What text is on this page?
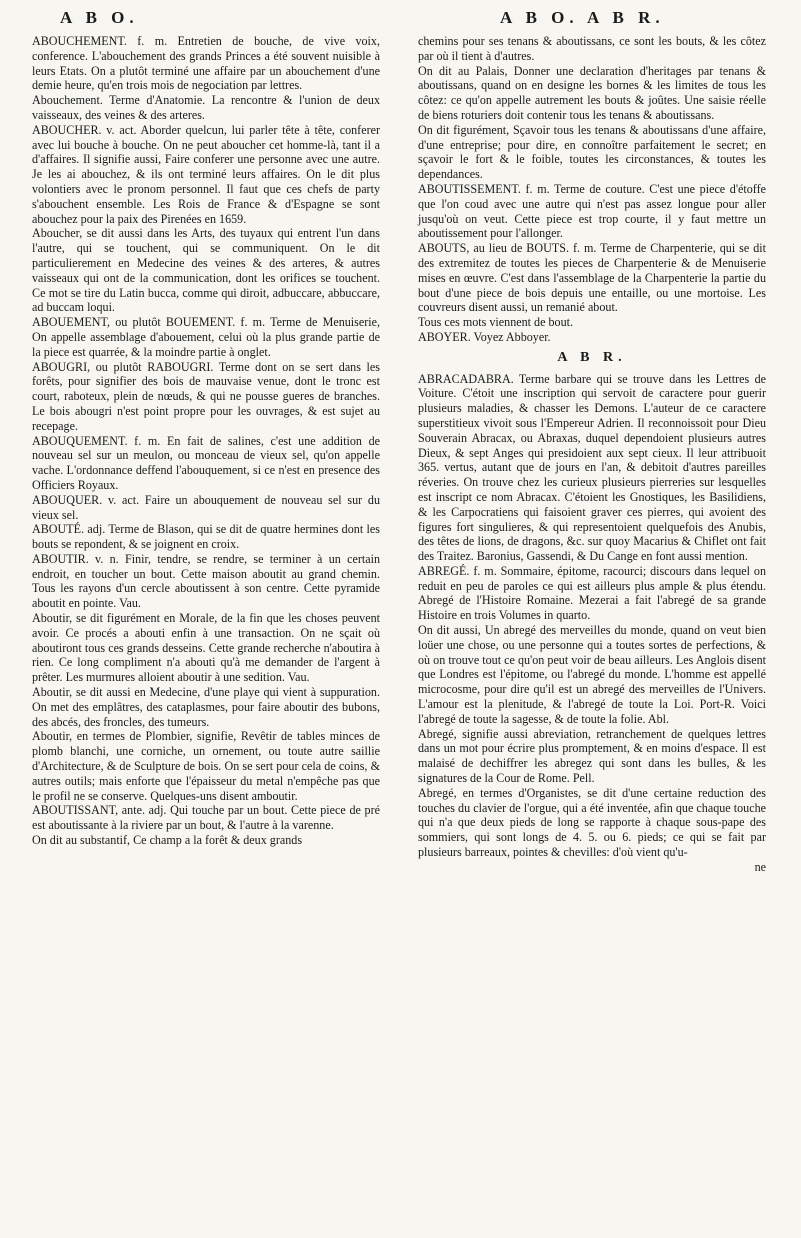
A B O.	A B O. A B R.

ABOUCHEMENT. f. m. Entretien de bouche, de vive voix, conference. L'abouchement des grands Princes a été souvent nuisible à leurs Etats. On a plutôt terminé une affaire par un abouchement d'une demie heure, qu'en trois mois de negociation par lettres.

Abouchement. Terme d'Anatomie. La rencontre & l'union de deux vaisseaux, des veines & des arteres.

ABOUCHER. v. act. Aborder quelcun, lui parler tête à tête, conferer avec lui bouche à bouche. On ne peut aboucher cet homme-là, tant il a d'affaires. Il signifie aussi, Faire conferer une personne avec une autre. Je les ai abouchez, & ils ont terminé leurs affaires. On le dit plus volontiers avec le pronom personnel. Il faut que ces chefs de party s'abouchent ensemble. Les Rois de France & d'Espagne se sont abouchez pour la paix des Pirenées en 1659.

Aboucher, se dit aussi dans les Arts, des tuyaux qui entrent l'un dans l'autre, qui se touchent, qui se communiquent. On le dit particulierement en Medecine des veines & des arteres, & autres vaisseaux qui ont de la communication, dont les orifices se touchent. Ce mot se tire du Latin bucca, comme qui diroit, adbuccare, abbuccare, ad buccam loqui.

ABOUEMENT, ou plutôt BOUEMENT. f. m. Terme de Menuiserie, On appelle assemblage d'abouement, celui où la plus grande partie de la piece est quarrée, & la moindre partie à onglet.

ABOUGRI, ou plutôt RABOUGRI. Terme dont on se sert dans les forêts, pour signifier des bois de mauvaise venue, dont le tronc est court, raboteux, plein de nœuds, & qui ne pousse gueres de branches. Le bois abougri n'est point propre pour les ouvrages, & est sujet au recepage.

ABOUQUEMENT. f. m. En fait de salines, c'est une addition de nouveau sel sur un meulon, ou monceau de vieux sel, qu'on appelle vache. L'ordonnance deffend l'abouquement, si ce n'est en presence des Officiers Royaux.

ABOUQUER. v. act. Faire un abouquement de nouveau sel sur du vieux sel.

ABOUTÉ. adj. Terme de Blason, qui se dit de quatre hermines dont les bouts se repondent, & se joignent en croix.

ABOUTIR. v. n. Finir, tendre, se rendre, se terminer à un certain endroit, en toucher un bout. Cette maison aboutit au grand chemin. Tous les rayons d'un cercle aboutissent à son centre. Cette pyramide aboutit en pointe. Vau.

Aboutir, se dit figurément en Morale, de la fin que les choses peuvent avoir. Ce procés a abouti enfin à une transaction. On ne sçait où aboutiront tous ces grands desseins. Cette grande recherche n'aboutira à rien. Ce long compliment n'a abouti qu'à me demander de l'argent à prêter. Les murmures alloient aboutir à une sedition. Vau.

Aboutir, se dit aussi en Medecine, d'une playe qui vient à suppuration. On met des emplâtres, des cataplasmes, pour faire aboutir des bubons, des abcés, des froncles, des tumeurs.

Aboutir, en termes de Plombier, signifie, Revêtir de tables minces de plomb blanchi, une corniche, un ornement, ou toute autre saillie d'Architecture, & de Sculpture de bois. On se sert pour cela de coins, & autres outils; mais enforte que l'épaisseur du metal n'empêche pas que le profil ne se conserve. Quelques-uns disent amboutir.

ABOUTISSANT, ante. adj. Qui touche par un bout. Cette piece de pré est aboutissante à la riviere par un bout, & l'autre à la varenne.

On dit au substantif, Ce champ a la forêt & deux grands

chemins pour ses tenans & aboutissans, ce sont les bouts, & les côtez par où il tient à d'autres.

On dit au Palais, Donner une declaration d'heritages par tenans & aboutissans, quand on en designe les bornes & les limites de tous les côtez: ce qu'on appelle autrement les bouts & joûtes. Une saisie réelle de biens roturiers doit contenir tous les tenans & aboutissans.

On dit figurément, Sçavoir tous les tenans & aboutissans d'une affaire, d'une entreprise; pour dire, en connoître parfaitement le secret; en sçavoir le fort & le foible, toutes les circonstances, & toutes les dependances.

ABOUTISSEMENT. f. m. Terme de couture. C'est une piece d'étoffe que l'on coud avec une autre qui n'est pas assez longue pour aller jusqu'où on veut. Cette piece est trop courte, il y faut mettre un aboutissement pour l'allonger.

ABOUTS, au lieu de BOUTS. f. m. Terme de Charpenterie, qui se dit des extremitez de toutes les pieces de Charpenterie & de Menuiserie mises en œuvre. C'est dans l'assemblage de la Charpenterie la partie du bout d'une piece de bois depuis une entaille, ou une mortoise. Les couvreurs disent aussi, un remanié about.

Tous ces mots viennent de bout.

ABOYER. Voyez Abboyer.

A B R.

ABRACADABRA. Terme barbare qui se trouve dans les Lettres de Voiture. C'étoit une inscription qui servoit de caractere pour guerir plusieurs maladies, & chasser les Demons. L'auteur de ce caractere superstitieux vivoit sous l'Empereur Adrien. Il reconnoissoit pour Dieu Souverain Abracax, ou Abraxas, duquel dependoient plusieurs autres Dieux, & sept Anges qui presidoient aux sept cieux. Il leur attribuoit 365. vertus, autant que de jours en l'an, & debitoit d'autres pareilles réveries. On trouve chez les curieux plusieurs pierreries sur lesquelles est inscript ce nom Abracax. C'étoient les Gnostiques, les Basilidiens, & les Carpocratiens qui faisoient graver ces pierres, qui avoient des figures fort singulieres, & qui representoient quelquefois des Anubis, des têtes de lions, de dragons, &c. sur quoy Macarius & Chiflet ont fait des Traitez. Baronius, Gassendi, & Du Cange en font aussi mention.

ABREGÉ. f. m. Sommaire, épitome, racourci; discours dans lequel on reduit en peu de paroles ce qui est ailleurs plus ample & plus étendu. Abregé de l'Histoire Romaine. Mezerai a fait l'abregé de sa grande Histoire en trois Volumes in quarto.

On dit aussi, Un abregé des merveilles du monde, quand on veut bien loüer une chose, ou une personne qui a toutes sortes de perfections, & où on trouve tout ce qu'on peut voir de beau ailleurs. Les Anglois disent que Londres est l'épitome, ou l'abregé du monde. L'homme est appellé microcosme, pour dire qu'il est un abregé des merveilles de l'Univers. L'amour est la plenitude, & l'abregé de toute la Loi. Port-R. Voici l'abregé de toute la sagesse, & de toute la folie. Abl.

Abregé, signifie aussi abreviation, retranchement de quelques lettres dans un mot pour écrire plus promptement, & en moins d'espace. Il est malaisé de dechiffrer les abregez qui sont dans les bulles, & les signatures de la Cour de Rome. Pell.

Abregé, en termes d'Organistes, se dit d'une certaine reduction des touches du clavier de l'orgue, qui a été inventée, afin que chaque touche qui n'a que deux pieds de long se rapporte à chaque sous-pape des sommiers, qui sont longs de 4. 5. ou 6. pieds; ce qui se fait par plusieurs barreaux, pointes & chevilles: d'où vient qu'u-

ne
